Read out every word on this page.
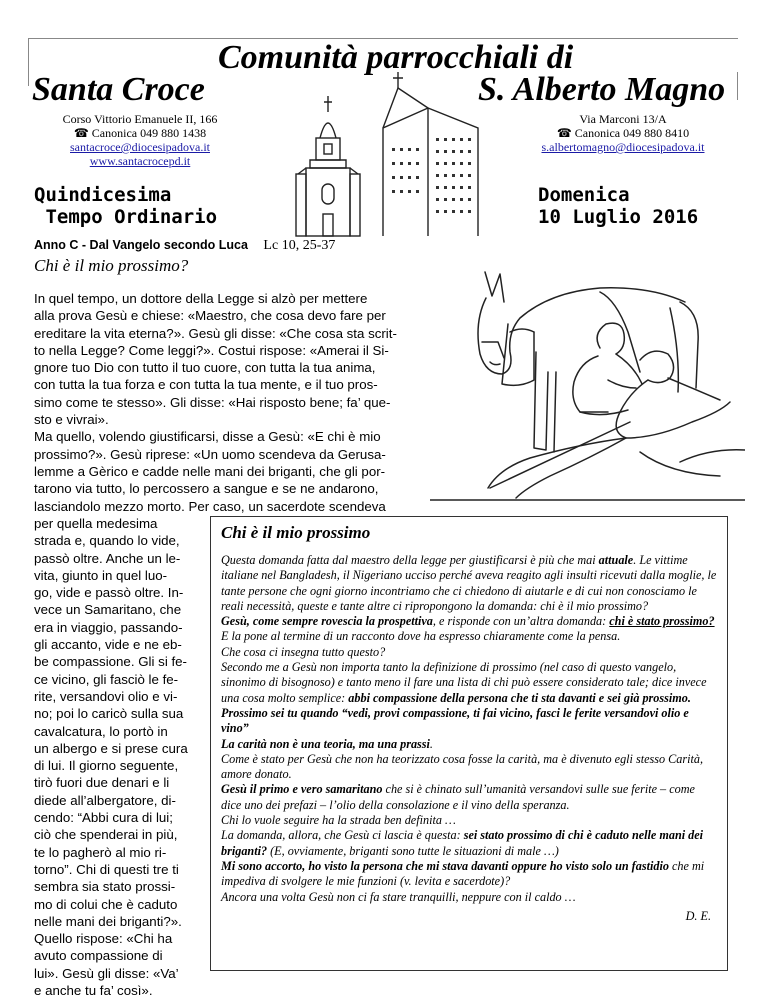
Comunità parrocchiali di
Santa Croce	S. Alberto Magno
Corso Vittorio Emanuele II, 166
☎ Canonica 049 880 1438
santacroce@diocesipadova.it
www.santacrocepd.it
Via Marconi 13/A
☎ Canonica 049 880 8410
s.albertomagno@diocesipadova.it
Quindicesima
Tempo Ordinario
Domenica
10 Luglio 2016
Anno C - Dal Vangelo secondo Luca Lc 10, 25-37
Chi è il mio prossimo?
In quel tempo, un dottore della Legge si alzò per mettere
alla prova Gesù e chiese: «Maestro, che cosa devo fare per
ereditare la vita eterna?». Gesù gli disse: «Che cosa sta scrit-
to nella Legge? Come leggi?». Costui rispose: «Amerai il Si-
gnore tuo Dio con tutto il tuo cuore, con tutta la tua anima,
con tutta la tua forza e con tutta la tua mente, e il tuo pros-
simo come te stesso». Gli disse: «Hai risposto bene; fa’ que-
sto e vivrai».
Ma quello, volendo giustificarsi, disse a Gesù: «E chi è mio
prossimo?». Gesù riprese: «Un uomo scendeva da Gerusa-
lemme a Gèrico e cadde nelle mani dei briganti, che gli por-
tarono via tutto, lo percossero a sangue e se ne andarono,
lasciandolo mezzo morto. Per caso, un sacerdote scendeva
per quella medesima
strada e, quando lo vide,
passò oltre. Anche un le-
vita, giunto in quel luo-
go, vide e passò oltre. In-
vece un Samaritano, che
era in viaggio, passando-
gli accanto, vide e ne eb-
be compassione. Gli si fe-
ce vicino, gli fasciò le fe-
rite, versandovi olio e vi-
no; poi lo caricò sulla sua
cavalcatura, lo portò in
un albergo e si prese cura
di lui. Il giorno seguente,
tirò fuori due denari e li
diede all’albergatore, di-
cendo: “Abbi cura di lui;
ciò che spenderai in più,
te lo pagherò al mio ri-
torno”. Chi di questi tre ti
sembra sia stato prossi-
mo di colui che è caduto
nelle mani dei briganti?».
Quello rispose: «Chi ha
avuto compassione di
lui». Gesù gli disse: «Va’
e anche tu fa’ così».
Chi è il mio prossimo

Questa domanda fatta dal maestro della legge per giustificarsi è più che mai attuale. Le vittime italiane nel Bangladesh, il Nigeriano ucciso perché aveva reagito agli insulti ricevuti dalla moglie, le tante persone che ogni giorno incontriamo che ci chiedono di aiutarle e di cui non conosciamo le reali necessità, queste e tante altre ci ripropongono la domanda: chi è il mio prossimo?

Gesù, come sempre rovescia la prospettiva, e risponde con un’altra domanda: chi è stato prossimo? E la pone al termine di un racconto dove ha espresso chiaramente come la pensa.

Che cosa ci insegna tutto questo?

Secondo me a Gesù non importa tanto la definizione di prossimo (nel caso di questo vangelo, sinonimo di bisognoso) e tanto meno il fare una lista di chi può essere considerato tale; dice invece una cosa molto semplice: abbi compassione della persona che ti sta davanti e sei già prossimo.

Prossimo sei tu quando “vedi, provi compassione, ti fai vicino, fasci le ferite versandovi olio e vino”

La carità non è una teoria, ma una prassi.

Come è stato per Gesù che non ha teorizzato cosa fosse la carità, ma è divenuto egli stesso Carità, amore donato.

Gesù il primo e vero samaritano che si è chinato sull’umanità versandovi sulle sue ferite – come dice uno dei prefazi – l’olio della consolazione e il vino della speranza.

Chi lo vuole seguire ha la strada ben definita …

La domanda, allora, che Gesù ci lascia è questa: sei stato prossimo di chi è caduto nelle mani dei briganti? (E, ovviamente, briganti sono tutte le situazioni di male …)

Mi sono accorto, ho visto la persona che mi stava davanti oppure ho visto solo un fastidio che mi impediva di svolgere le mie funzioni (v. levita e sacerdote)?

Ancora una volta Gesù non ci fa stare tranquilli, neppure con il caldo …

D. E.
